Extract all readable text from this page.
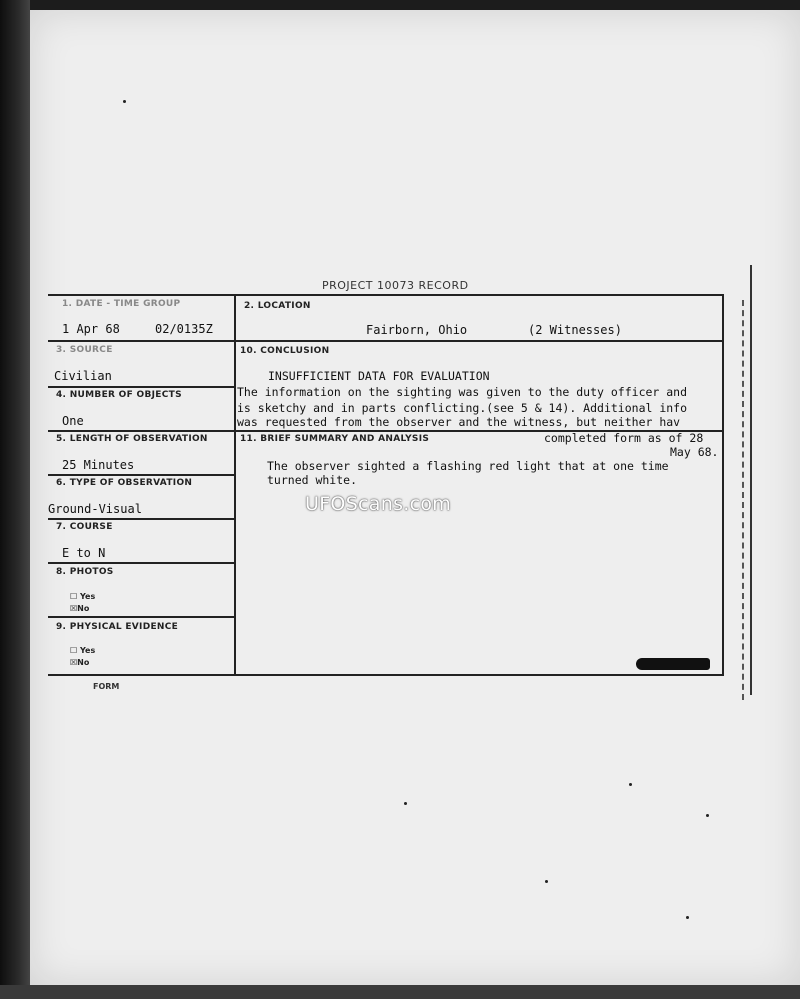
PROJECT 10073 RECORD
1. DATE - TIME GROUP
1 Apr 68	02/0135Z
3. SOURCE
Civilian
4. NUMBER OF OBJECTS
One
5. LENGTH OF OBSERVATION
25 Minutes
6. TYPE OF OBSERVATION
Ground-Visual
7. COURSE
E to N
8. PHOTOS
☐ Yes
☒No
9. PHYSICAL EVIDENCE
☐ Yes
☒No
2. LOCATION
Fairborn, Ohio	(2 Witnesses)
10. CONCLUSION
INSUFFICIENT DATA FOR EVALUATION
The information on the sighting was given to the duty officer and
is sketchy and in parts conflicting.(see 5 & 14). Additional info
was requested from the observer and the witness, but neither hav
11. BRIEF SUMMARY AND ANALYSIS	completed form as of 28
May 68.
The observer sighted a flashing red light that at one time
turned white.
UFOScans.com
FORM
